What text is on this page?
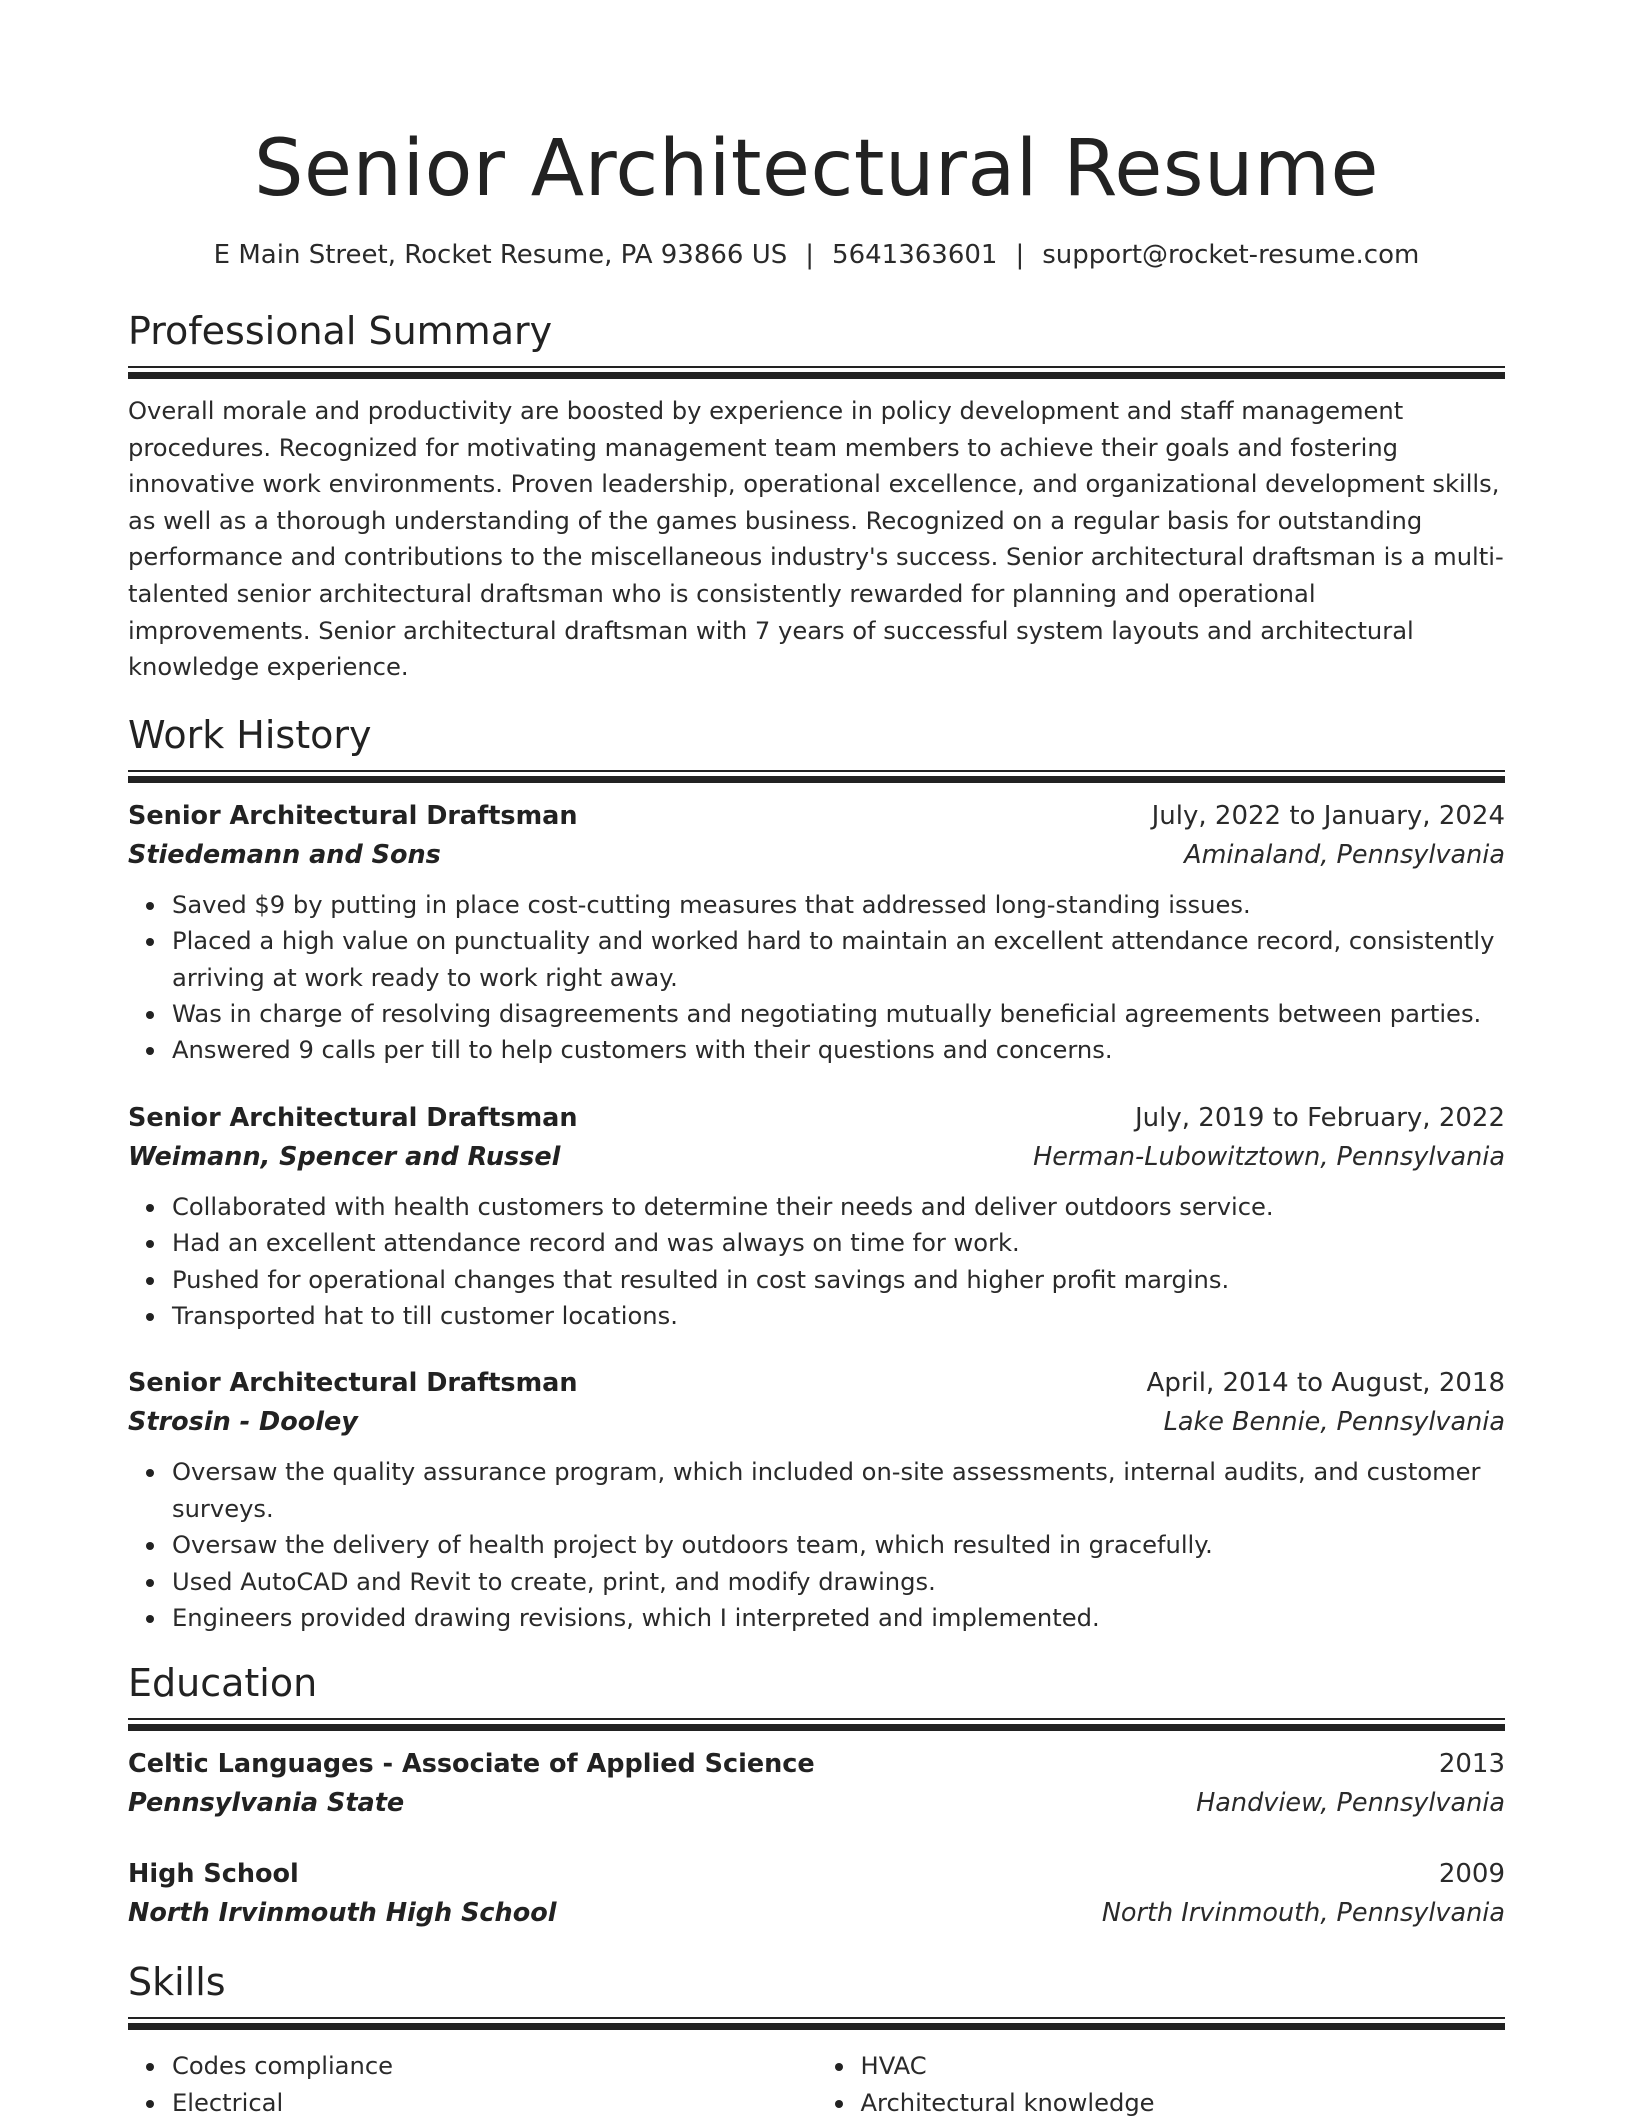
Senior Architectural Resume
E Main Street, Rocket Resume, PA 93866 US | 5641363601 | support@rocket-resume.com
Professional Summary
Overall morale and productivity are boosted by experience in policy development and staff management procedures. Recognized for motivating management team members to achieve their goals and fostering innovative work environments. Proven leadership, operational excellence, and organizational development skills, as well as a thorough understanding of the games business. Recognized on a regular basis for outstanding performance and contributions to the miscellaneous industry's success. Senior architectural draftsman is a multi-talented senior architectural draftsman who is consistently rewarded for planning and operational improvements. Senior architectural draftsman with 7 years of successful system layouts and architectural knowledge experience.
Work History
Senior Architectural Draftsman	July, 2022 to January, 2024
Stiedemann and Sons	Aminaland, Pennsylvania
Saved $9 by putting in place cost-cutting measures that addressed long-standing issues.
Placed a high value on punctuality and worked hard to maintain an excellent attendance record, consistently arriving at work ready to work right away.
Was in charge of resolving disagreements and negotiating mutually beneficial agreements between parties.
Answered 9 calls per till to help customers with their questions and concerns.
Senior Architectural Draftsman	July, 2019 to February, 2022
Weimann, Spencer and Russel	Herman-Lubowitztown, Pennsylvania
Collaborated with health customers to determine their needs and deliver outdoors service.
Had an excellent attendance record and was always on time for work.
Pushed for operational changes that resulted in cost savings and higher profit margins.
Transported hat to till customer locations.
Senior Architectural Draftsman	April, 2014 to August, 2018
Strosin - Dooley	Lake Bennie, Pennsylvania
Oversaw the quality assurance program, which included on-site assessments, internal audits, and customer surveys.
Oversaw the delivery of health project by outdoors team, which resulted in gracefully.
Used AutoCAD and Revit to create, print, and modify drawings.
Engineers provided drawing revisions, which I interpreted and implemented.
Education
Celtic Languages - Associate of Applied Science	2013
Pennsylvania State	Handview, Pennsylvania
High School	2009
North Irvinmouth High School	North Irvinmouth, Pennsylvania
Skills
Codes compliance
Electrical
HVAC
Architectural knowledge
